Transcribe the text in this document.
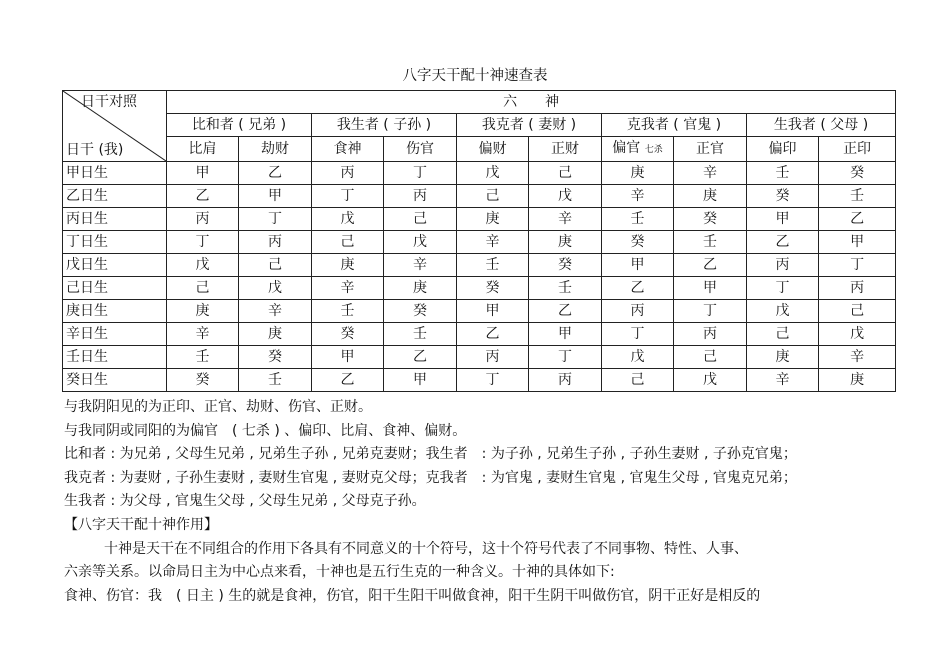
八字天干配十神速查表
日干对照
日干 (我)	六　　神									
	比和者 ( 兄弟 )		我生者 ( 子孙 )		我克者 ( 妻财 )		克我者 ( 官鬼 )		生我者 ( 父母 )	
	比肩	劫财	食神	伤官	偏财	正财	偏官 七杀	正官	偏印	正印
甲日生	甲	乙	丙	丁	戊	己	庚	辛	壬	癸
乙日生	乙	甲	丁	丙	己	戊	辛	庚	癸	壬
丙日生	丙	丁	戊	己	庚	辛	壬	癸	甲	乙
丁日生	丁	丙	己	戊	辛	庚	癸	壬	乙	甲
戊日生	戊	己	庚	辛	壬	癸	甲	乙	丙	丁
己日生	己	戊	辛	庚	癸	壬	乙	甲	丁	丙
庚日生	庚	辛	壬	癸	甲	乙	丙	丁	戊	己
辛日生	辛	庚	癸	壬	乙	甲	丁	丙	己	戊
壬日生	壬	癸	甲	乙	丙	丁	戊	己	庚	辛
癸日生	癸	壬	乙	甲	丁	丙	己	戊	辛	庚

与我阴阳见的为正印、正官、劫财、伤官、正财。

与我同阴或同阳的为偏官　( 七杀 ) 、偏印、比肩、食神、偏财。

比和者 : 为兄弟 , 父母生兄弟 , 兄弟生子孙 , 兄弟克妻财；我生者　: 为子孙 , 兄弟生子孙 , 子孙生妻财 , 子孙克官鬼；

我克者 : 为妻财 , 子孙生妻财 , 妻财生官鬼 , 妻财克父母；克我者　: 为官鬼 , 妻财生官鬼 , 官鬼生父母 , 官鬼克兄弟；

生我者 : 为父母 , 官鬼生父母 , 父母生兄弟 , 父母克子孙。

【八字天干配十神作用】

十神是天干在不同组合的作用下各具有不同意义的十个符号，这十个符号代表了不同事物、特性、人事、

六亲等关系。以命局日主为中心点来看，十神也是五行生克的一种含义。十神的具体如下:

食神、伤官：我　( 日主 ) 生的就是食神，伤官，阳干生阳干叫做食神，阳干生阴干叫做伤官，阴干正好是相反的
